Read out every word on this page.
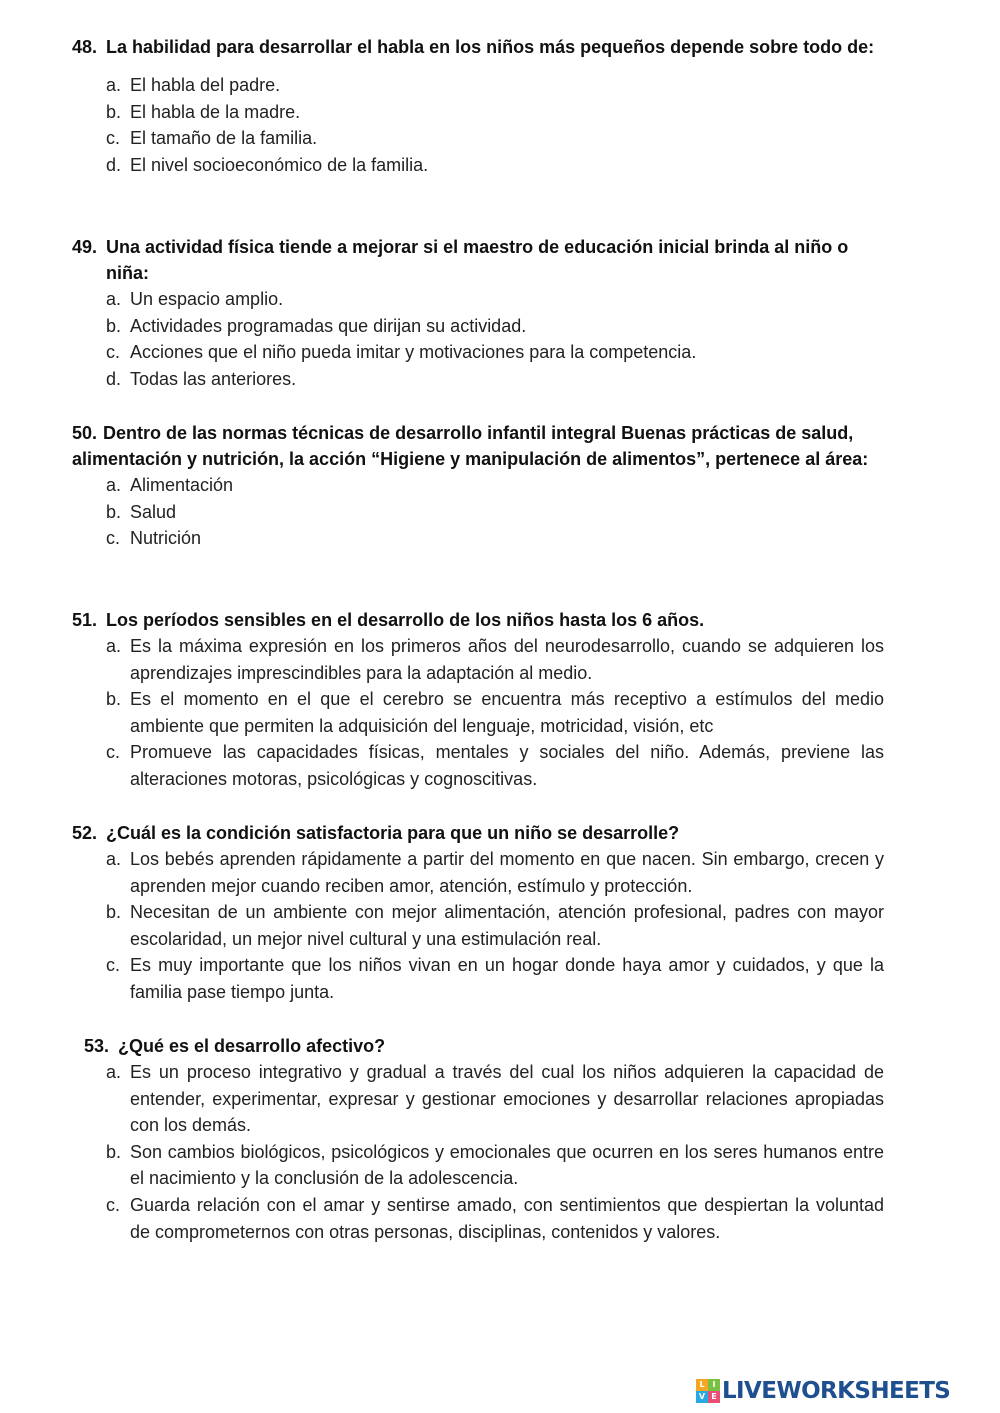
48. La habilidad para desarrollar el habla en los niños más pequeños depende sobre todo de:

a. El habla del padre.
b. El habla de la madre.
c. El tamaño de la familia.
d. El nivel socioeconómico de la familia.

49. Una actividad física tiende a mejorar si el maestro de educación inicial brinda al niño o niña:

a. Un espacio amplio.
b. Actividades programadas que dirijan su actividad.
c. Acciones que el niño pueda imitar y motivaciones para la competencia.
d. Todas las anteriores.

50. Dentro de las normas técnicas de desarrollo infantil integral Buenas prácticas de salud, alimentación y nutrición, la acción “Higiene y manipulación de alimentos”, pertenece al área:

a. Alimentación
b. Salud
c. Nutrición

51. Los períodos sensibles en el desarrollo de los niños hasta los 6 años.

a. Es la máxima expresión en los primeros años del neurodesarrollo, cuando se adquieren los aprendizajes imprescindibles para la adaptación al medio.
b. Es el momento en el que el cerebro se encuentra más receptivo a estímulos del medio ambiente que permiten la adquisición del lenguaje, motricidad, visión, etc
c. Promueve las capacidades físicas, mentales y sociales del niño. Además, previene las alteraciones motoras, psicológicas y cognoscitivas.

52. ¿Cuál es la condición satisfactoria para que un niño se desarrolle?

a. Los bebés aprenden rápidamente a partir del momento en que nacen. Sin embargo, crecen y aprenden mejor cuando reciben amor, atención, estímulo y protección.
b. Necesitan de un ambiente con mejor alimentación, atención profesional, padres con mayor escolaridad, un mejor nivel cultural y una estimulación real.
c. Es muy importante que los niños vivan en un hogar donde haya amor y cuidados, y que la familia pase tiempo junta.

53. ¿Qué es el desarrollo afectivo?

a. Es un proceso integrativo y gradual a través del cual los niños adquieren la capacidad de entender, experimentar, expresar y gestionar emociones y desarrollar relaciones apropiadas con los demás.
b. Son cambios biológicos, psicológicos y emocionales que ocurren en los seres humanos entre el nacimiento y la conclusión de la adolescencia.
c. Guarda relación con el amar y sentirse amado, con sentimientos que despiertan la voluntad de comprometernos con otras personas, disciplinas, contenidos y valores.
L I
V E LIVEWORKSHEETS
